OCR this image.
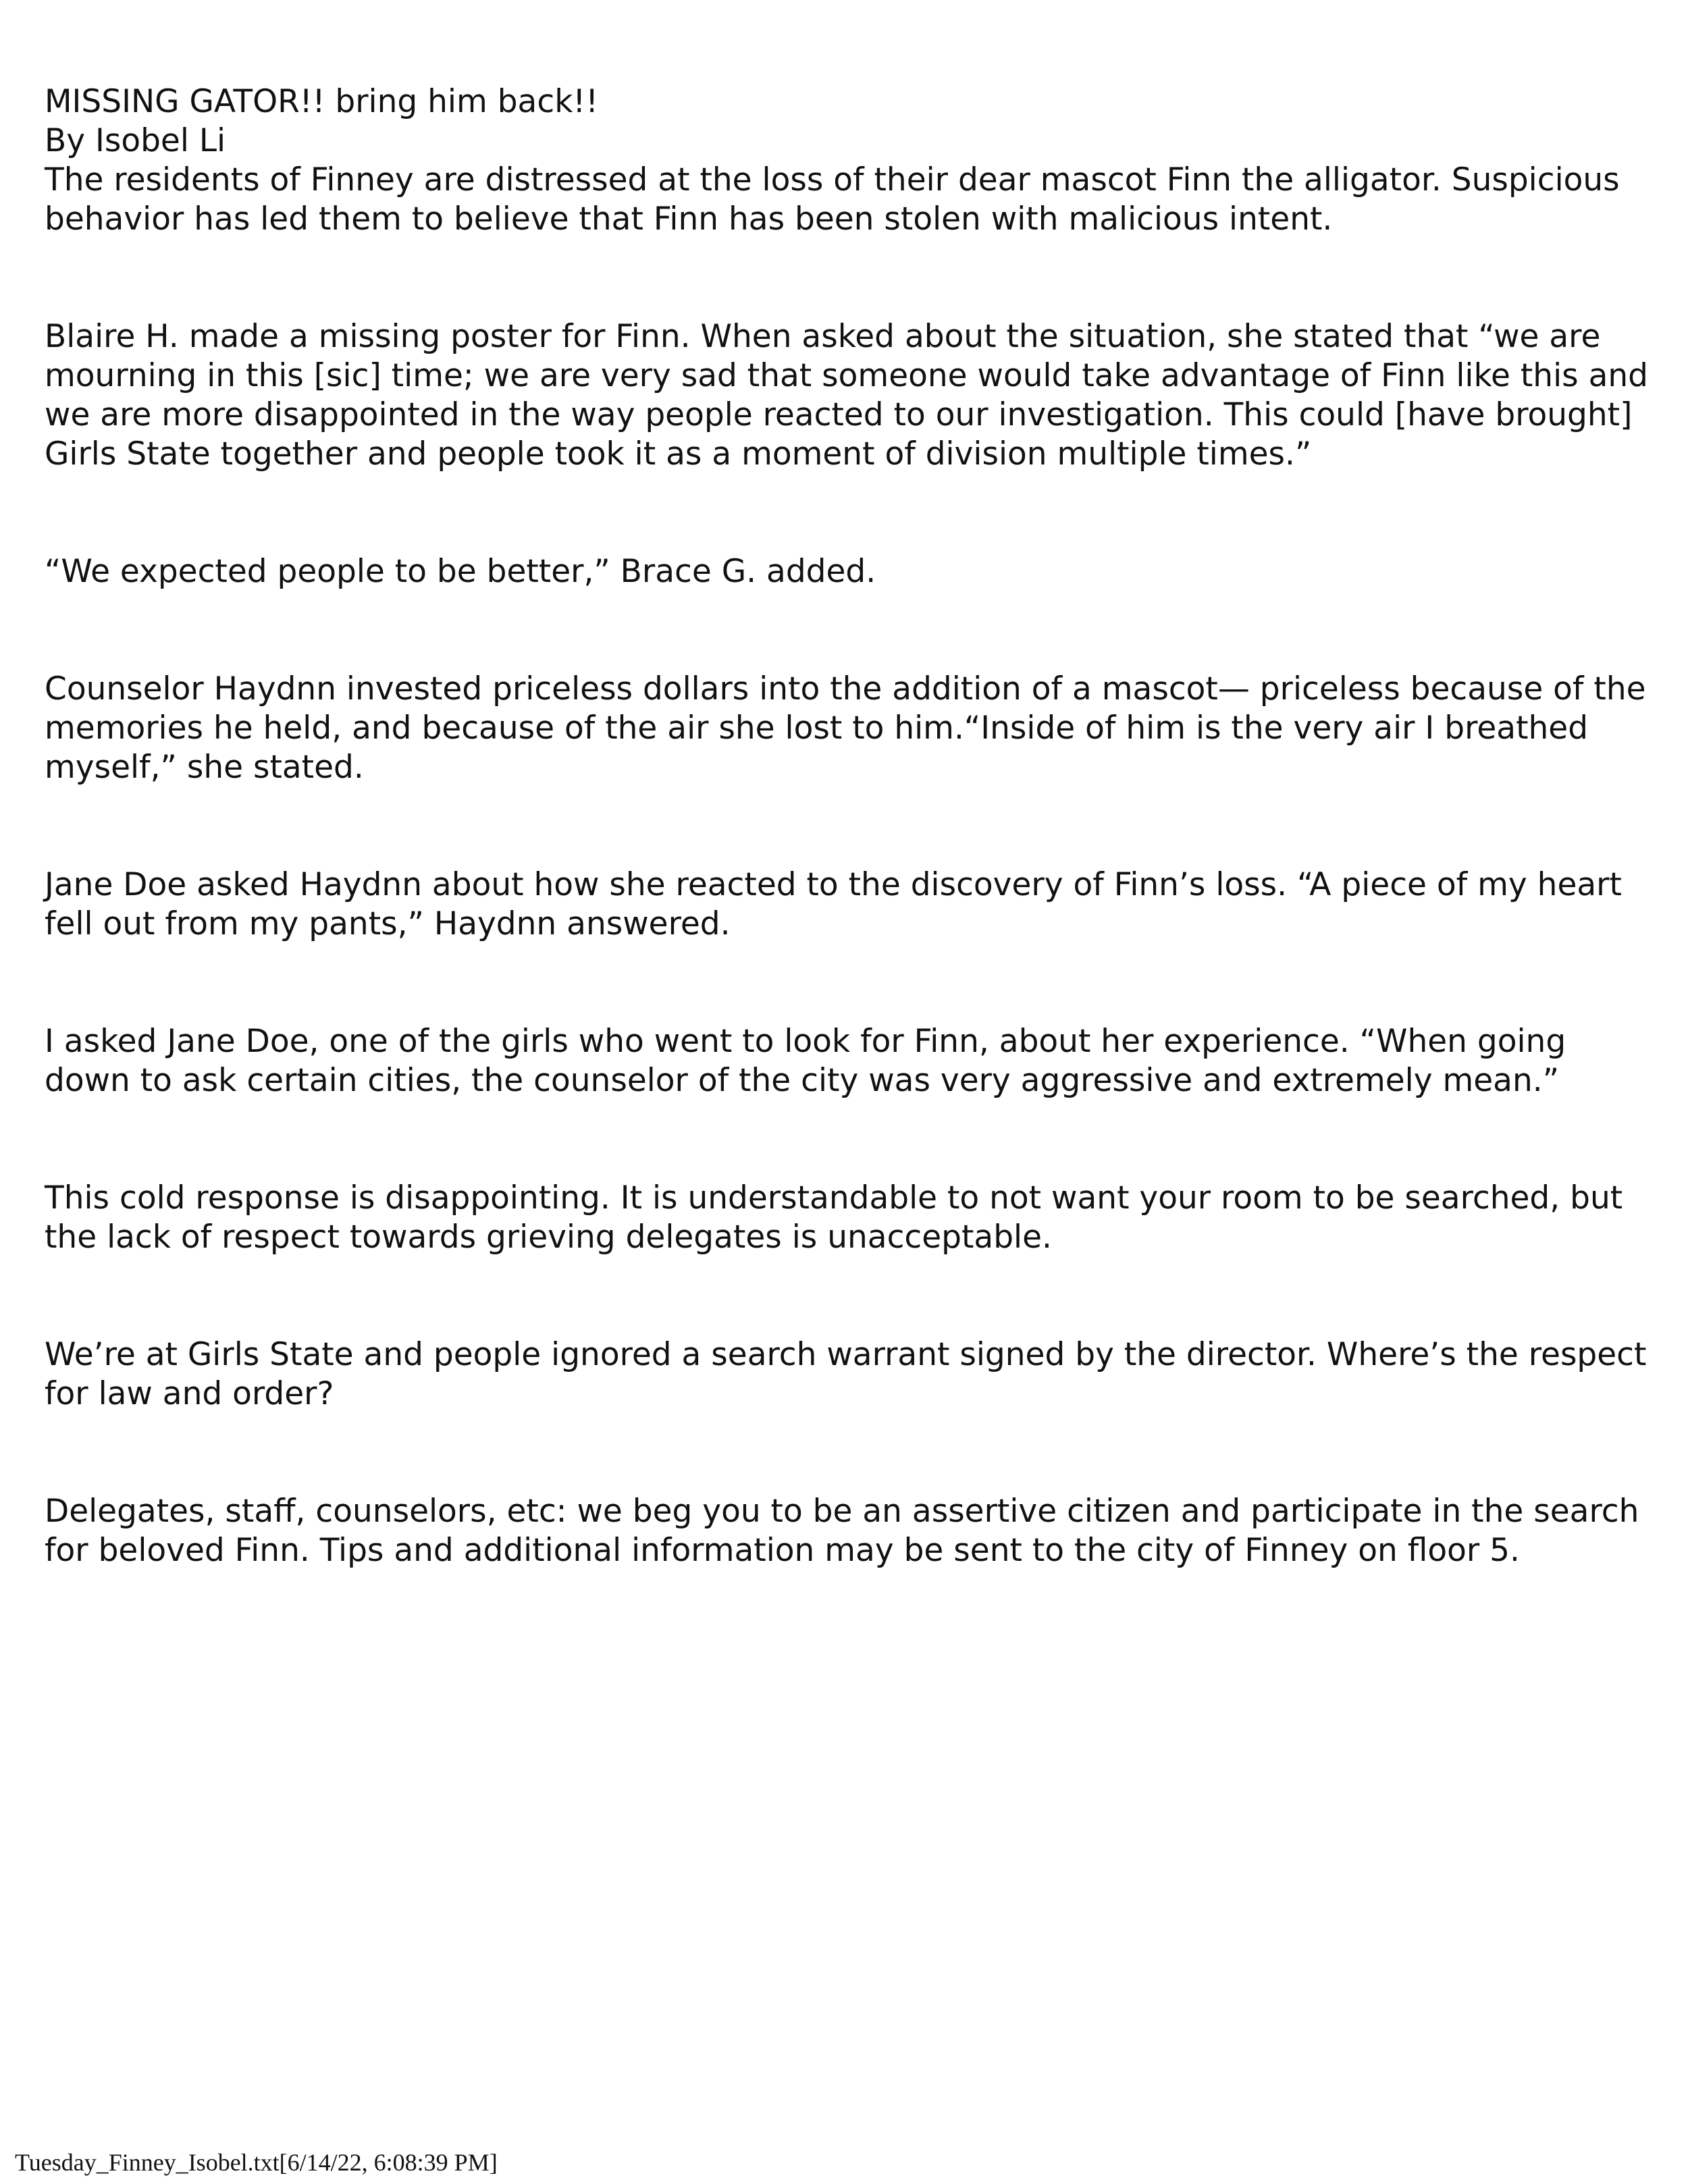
MISSING GATOR!! bring him back!!

By Isobel Li

The residents of Finney are distressed at the loss of their dear mascot Finn the alligator. Suspicious behavior has led them to believe that Finn has been stolen with malicious intent.

Blaire H. made a missing poster for Finn. When asked about the situation, she stated that “we are mourning in this [sic] time; we are very sad that someone would take advantage of Finn like this and we are more disappointed in the way people reacted to our investigation. This could [have brought] Girls State together and people took it as a moment of division multiple times.”

“We expected people to be better,” Brace G. added.

Counselor Haydnn invested priceless dollars into the addition of a mascot— priceless because of the memories he held, and because of the air she lost to him.“Inside of him is the very air I breathed myself,” she stated.

Jane Doe asked Haydnn about how she reacted to the discovery of Finn’s loss. “A piece of my heart fell out from my pants,” Haydnn answered.

I asked Jane Doe, one of the girls who went to look for Finn, about her experience. “When going down to ask certain cities, the counselor of the city was very aggressive and extremely mean.”

This cold response is disappointing. It is understandable to not want your room to be searched, but the lack of respect towards grieving delegates is unacceptable.

We’re at Girls State and people ignored a search warrant signed by the director. Where’s the respect for law and order?

Delegates, staff, counselors, etc: we beg you to be an assertive citizen and participate in the search for beloved Finn. Tips and additional information may be sent to the city of Finney on floor 5.

Tuesday_Finney_Isobel.txt[6/14/22, 6:08:39 PM]
